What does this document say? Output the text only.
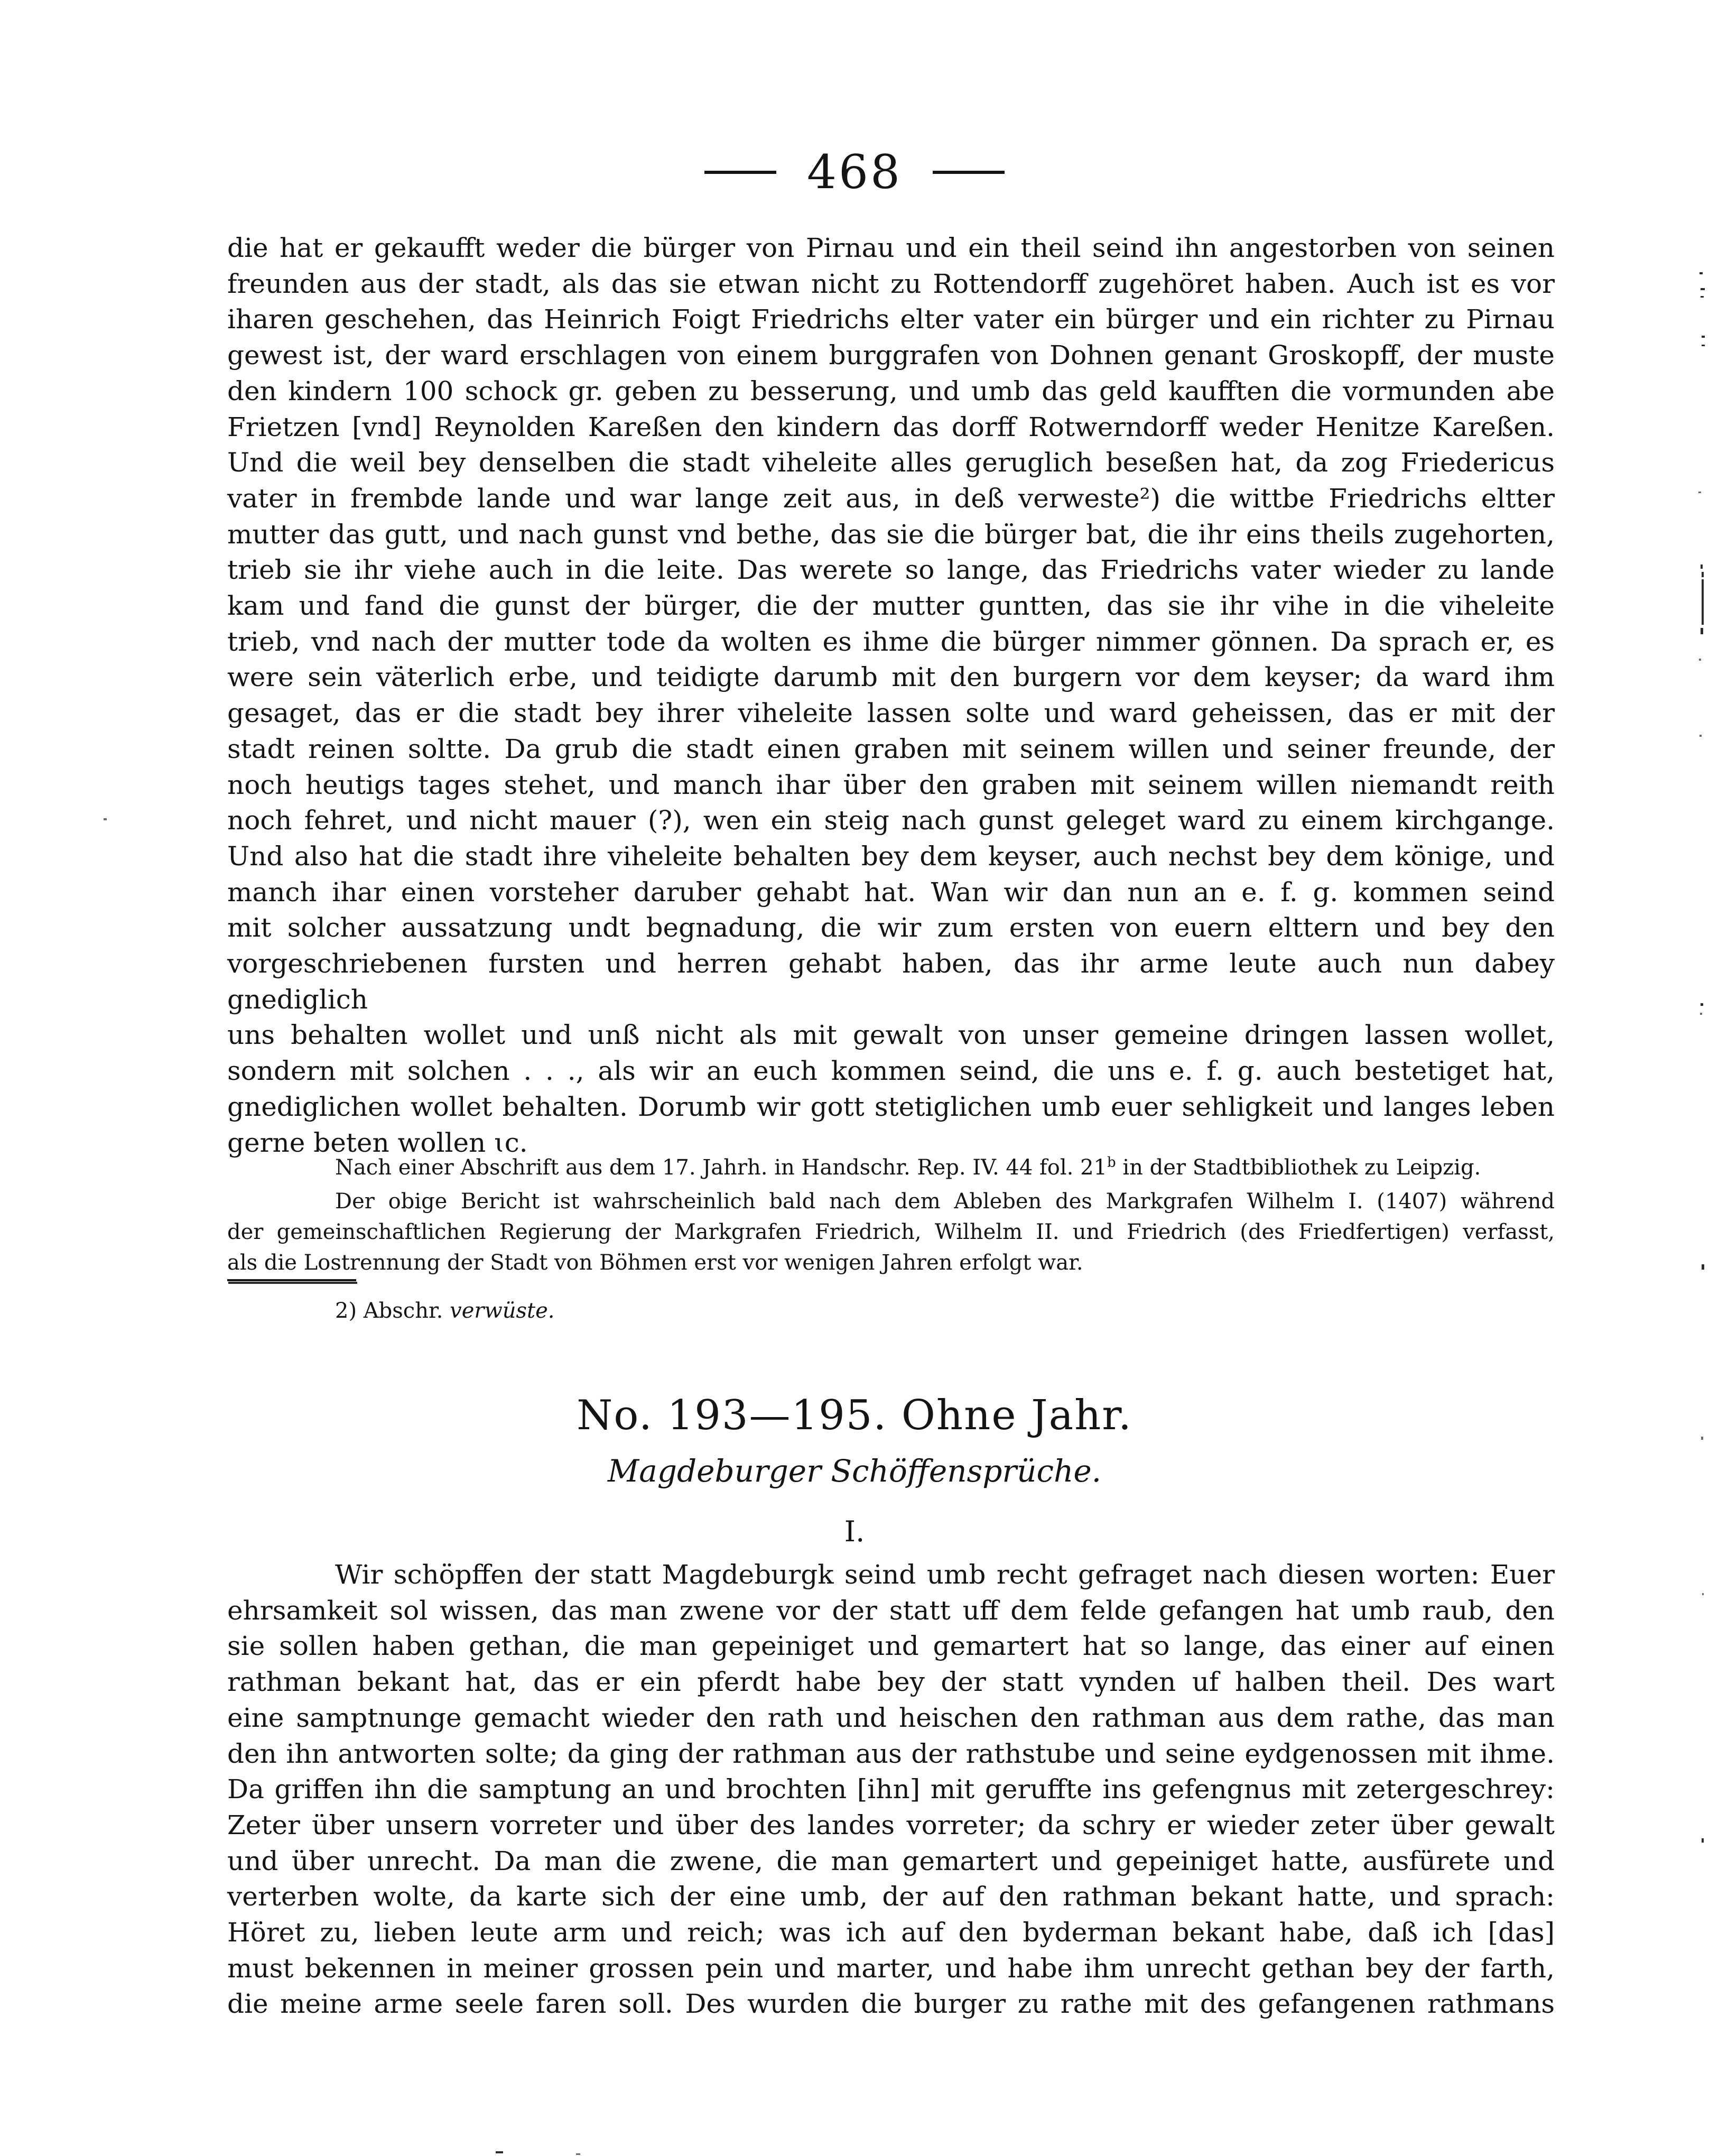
468
die hat er gekaufft weder die bürger von Pirnau und ein theil seind ihn angestorben von seinen
freunden aus der stadt, als das sie etwan nicht zu Rottendorff zugehöret haben. Auch ist es vor
iharen geschehen, das Heinrich Foigt Friedrichs elter vater ein bürger und ein richter zu Pirnau
gewest ist, der ward erschlagen von einem burggrafen von Dohnen genant Groskopff, der muste
den kindern 100 schock gr. geben zu besserung, und umb das geld kaufften die vormunden abe
Frietzen [vnd] Reynolden Kareßen den kindern das dorff Rotwerndorff weder Henitze Kareßen.
Und die weil bey denselben die stadt viheleite alles geruglich beseßen hat, da zog Friedericus
vater in frembde lande und war lange zeit aus, in deß verweste²) die wittbe Friedrichs eltter
mutter das gutt, und nach gunst vnd bethe, das sie die bürger bat, die ihr eins theils zugehorten,
trieb sie ihr viehe auch in die leite. Das werete so lange, das Friedrichs vater wieder zu lande
kam und fand die gunst der bürger, die der mutter guntten, das sie ihr vihe in die viheleite
trieb, vnd nach der mutter tode da wolten es ihme die bürger nimmer gönnen. Da sprach er, es
were sein väterlich erbe, und teidigte darumb mit den burgern vor dem keyser; da ward ihm
gesaget, das er die stadt bey ihrer viheleite lassen solte und ward geheissen, das er mit der
stadt reinen soltte. Da grub die stadt einen graben mit seinem willen und seiner freunde, der
noch heutigs tages stehet, und manch ihar über den graben mit seinem willen niemandt reith
noch fehret, und nicht mauer (?), wen ein steig nach gunst geleget ward zu einem kirchgange.
Und also hat die stadt ihre viheleite behalten bey dem keyser, auch nechst bey dem könige, und
manch ihar einen vorsteher daruber gehabt hat. Wan wir dan nun an e. f. g. kommen seind
mit solcher aussatzung undt begnadung, die wir zum ersten von euern elttern und bey den
vorgeschriebenen fursten und herren gehabt haben, das ihr arme leute auch nun dabey gnediglich
uns behalten wollet und unß nicht als mit gewalt von unser gemeine dringen lassen wollet,
sondern mit solchen . . ., als wir an euch kommen seind, die uns e. f. g. auch bestetiget hat,
gnediglichen wollet behalten. Dorumb wir gott stetiglichen umb euer sehligkeit und langes leben
gerne beten wollen ɩc.
Nach einer Abschrift aus dem 17. Jahrh. in Handschr. Rep. IV. 44 fol. 21$^b$ in der Stadtbibliothek zu Leipzig.
Der obige Bericht ist wahrscheinlich bald nach dem Ableben des Markgrafen Wilhelm I. (1407) während
der gemeinschaftlichen Regierung der Markgrafen Friedrich, Wilhelm II. und Friedrich (des Friedfertigen) verfasst,
als die Lostrennung der Stadt von Böhmen erst vor wenigen Jahren erfolgt war.
2) Abschr. verwüste.
No. 193—195. Ohne Jahr.
Magdeburger Schöffensprüche.
I.
Wir schöpffen der statt Magdeburgk seind umb recht gefraget nach diesen worten: Euer
ehrsamkeit sol wissen, das man zwene vor der statt uff dem felde gefangen hat umb raub, den
sie sollen haben gethan, die man gepeiniget und gemartert hat so lange, das einer auf einen
rathman bekant hat, das er ein pferdt habe bey der statt vynden uf halben theil. Des wart
eine samptnunge gemacht wieder den rath und heischen den rathman aus dem rathe, das man
den ihn antworten solte; da ging der rathman aus der rathstube und seine eydgenossen mit ihme.
Da griffen ihn die samptung an und brochten [ihn] mit geruffte ins gefengnus mit zetergeschrey:
Zeter über unsern vorreter und über des landes vorreter; da schry er wieder zeter über gewalt
und über unrecht. Da man die zwene, die man gemartert und gepeiniget hatte, ausfürete und
verterben wolte, da karte sich der eine umb, der auf den rathman bekant hatte, und sprach:
Höret zu, lieben leute arm und reich; was ich auf den byderman bekant habe, daß ich [das]
must bekennen in meiner grossen pein und marter, und habe ihm unrecht gethan bey der farth,
die meine arme seele faren soll. Des wurden die burger zu rathe mit des gefangenen rathmans
